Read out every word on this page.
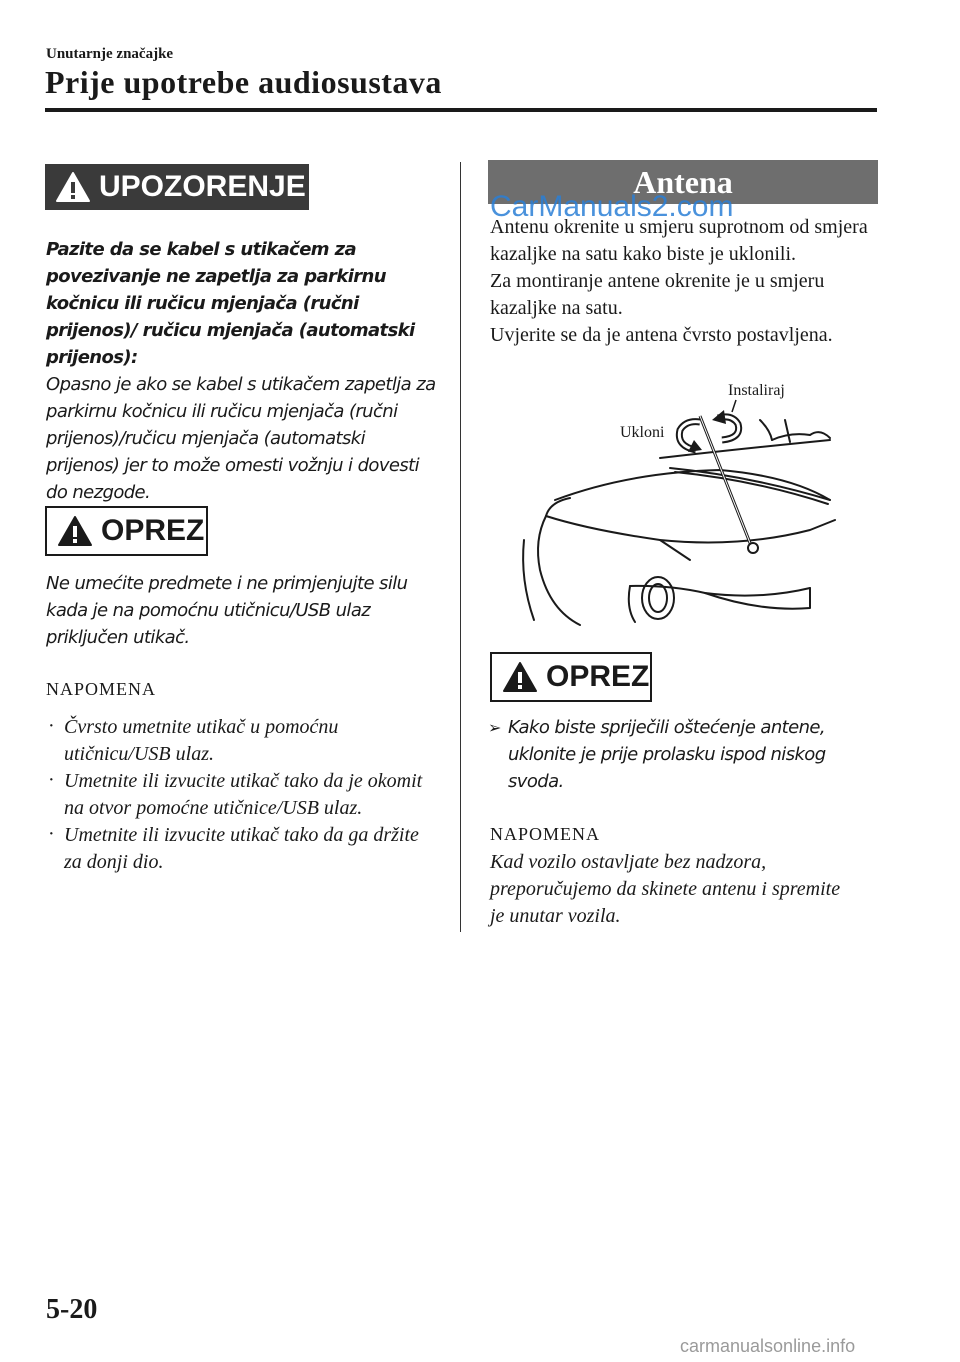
Unutarnje značajke
Prije upotrebe audiosustava
UPOZORENJE

Pazite da se kabel s utikačem za povezivanje ne zapetlja za parkirnu kočnicu ili ručicu mjenjača (ručni prijenos)/ ručicu mjenjača (automatski prijenos):

Opasno je ako se kabel s utikačem zapetlja za parkirnu kočnicu ili ručicu mjenjača (ručni prijenos)/ručicu mjenjača (automatski prijenos) jer to može omesti vožnju i dovesti do nezgode.

OPREZ

Ne umećite predmete i ne primjenjujte silu kada je na pomoćnu utičnicu/USB ulaz priključen utikač.

NAPOMENA
· Čvrsto umetnite utikač u pomoćnu utičnicu/USB ulaz.
· Umetnite ili izvucite utikač tako da je okomit na otvor pomoćne utičnice/USB ulaz.
· Umetnite ili izvucite utikač tako da ga držite za donji dio.
Antena
CarManuals2.com

Antenu okrenite u smjeru suprotnom od smjera kazaljke na satu kako biste je uklonili.

Za montiranje antene okrenite je u smjeru kazaljke na satu.

Uvjerite se da je antena čvrsto postavljena.

Instaliraj
Ukloni
OPREZ
➢ Kako biste spriječili oštećenje antene, uklonite je prije prolasku ispod niskog svoda.
NAPOMENA
Kad vozilo ostavljate bez nadzora, preporučujemo da skinete antenu i spremite je unutar vozila.
5-20
carmanualsonline.info
